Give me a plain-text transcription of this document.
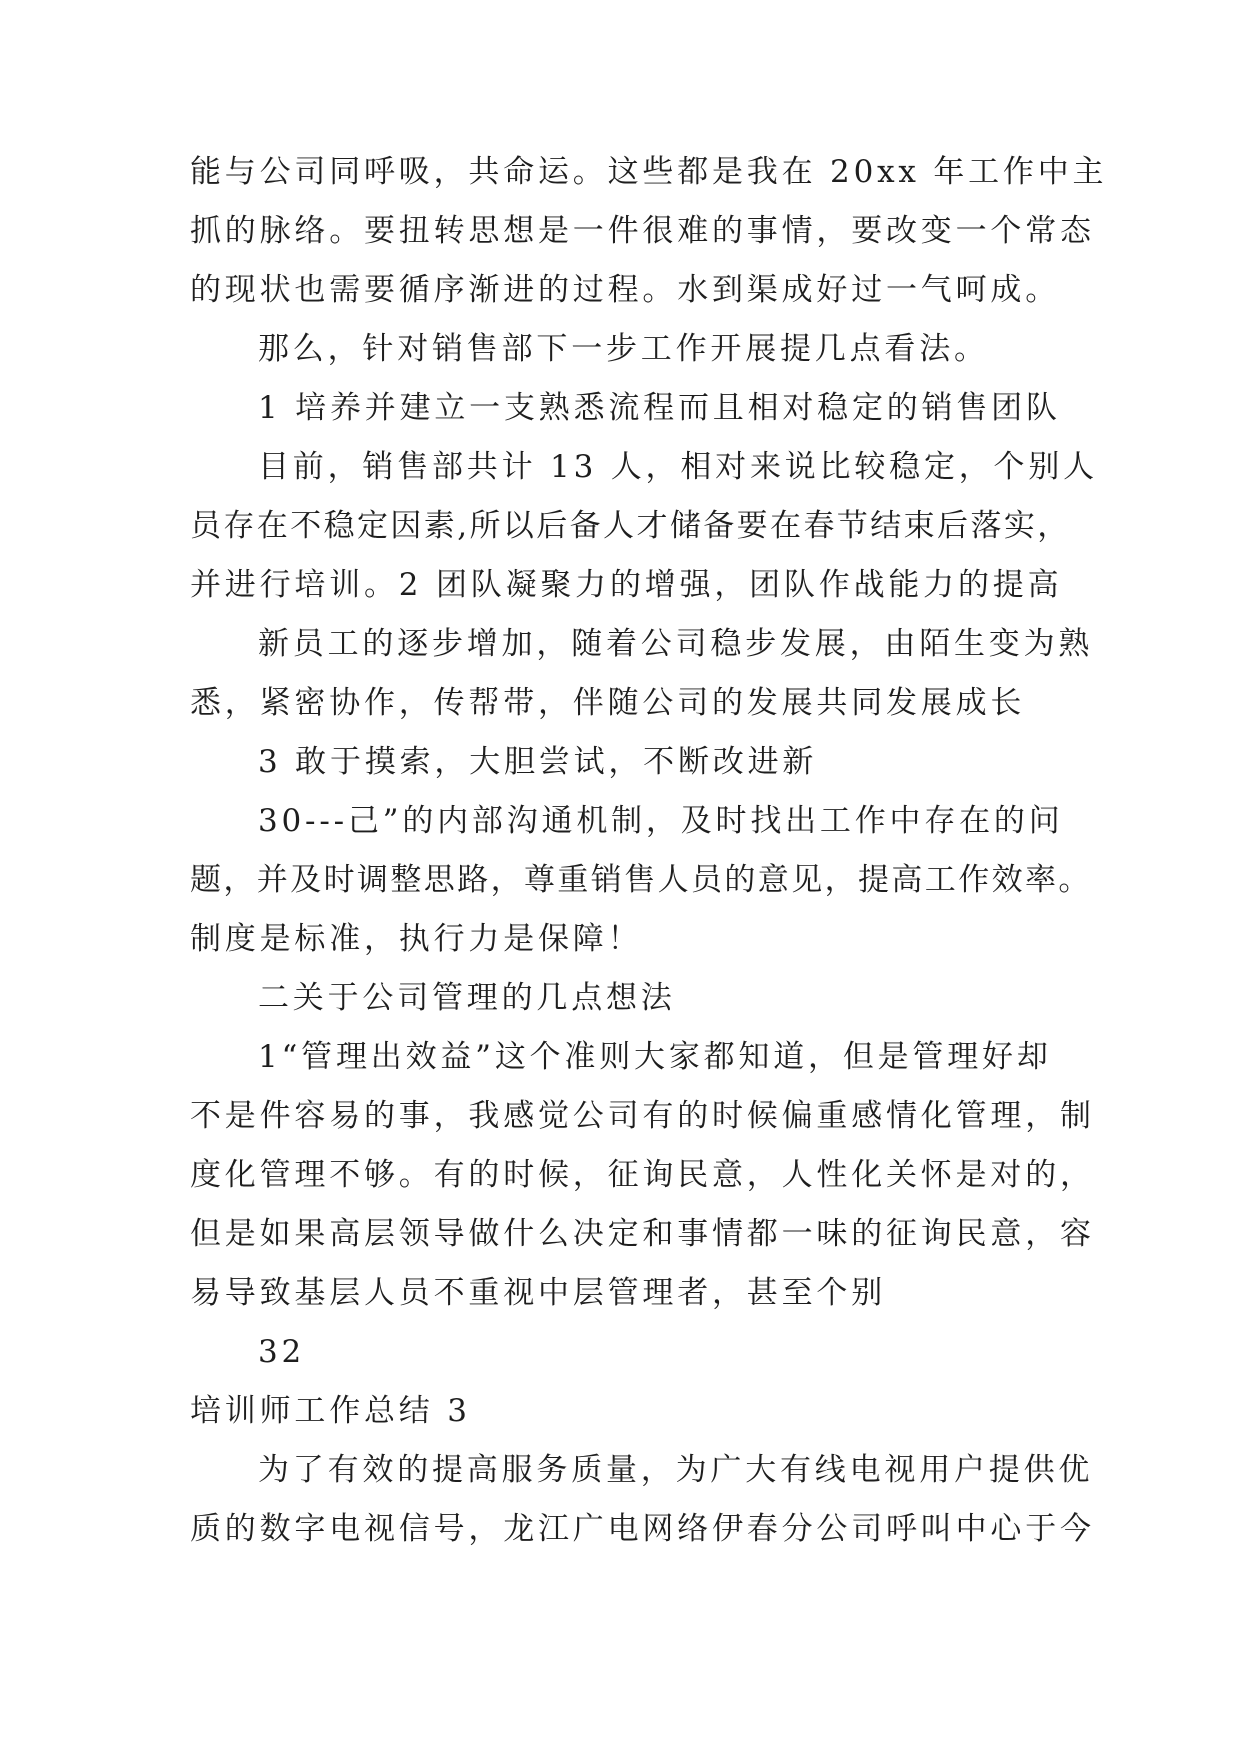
能与公司同呼吸，共命运。这些都是我在 20xx 年工作中主
抓的脉络。要扭转思想是一件很难的事情，要改变一个常态
的现状也需要循序渐进的过程。水到渠成好过一气呵成。
那么，针对销售部下一步工作开展提几点看法。
1 培养并建立一支熟悉流程而且相对稳定的销售团队
目前，销售部共计 13 人，相对来说比较稳定，个别人
员存在不稳定因素,所以后备人才储备要在春节结束后落实，
并进行培训。2 团队凝聚力的增强，团队作战能力的提高
新员工的逐步增加，随着公司稳步发展，由陌生变为熟
悉，紧密协作，传帮带，伴随公司的发展共同发展成长
3 敢于摸索，大胆尝试，不断改进新
30---己”的内部沟通机制，及时找出工作中存在的问
题，并及时调整思路，尊重销售人员的意见，提高工作效率。
制度是标准，执行力是保障！
二关于公司管理的几点想法
1“管理出效益”这个准则大家都知道，但是管理好却
不是件容易的事，我感觉公司有的时候偏重感情化管理，制
度化管理不够。有的时候，征询民意，人性化关怀是对的，
但是如果高层领导做什么决定和事情都一味的征询民意，容
易导致基层人员不重视中层管理者，甚至个别
32
培训师工作总结 3
为了有效的提高服务质量，为广大有线电视用户提供优
质的数字电视信号，龙江广电网络伊春分公司呼叫中心于今
